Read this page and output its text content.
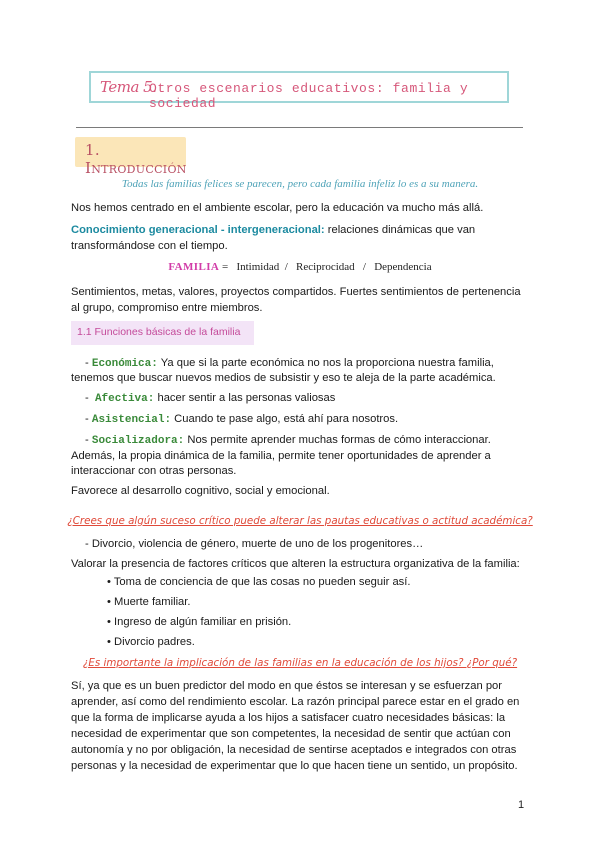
Tema 5.
Otros escenarios educativos: familia y sociedad
1. Introducción
Todas las familias felices se parecen, pero cada familia infeliz lo es a su manera.
Nos hemos centrado en el ambiente escolar, pero la educación va mucho más allá.
Conocimiento generacional - intergeneracional: relaciones dinámicas que van
transformándose con el tiempo.
FAMILIA =   Intimidad  /   Reciprocidad   /   Dependencia
Sentimientos, metas, valores, proyectos compartidos. Fuertes sentimientos de pertenencia
al grupo, compromiso entre miembros.
1.1 Funciones básicas de la familia
- Económica: Ya que si la parte económica no nos la proporciona nuestra familia,
tenemos que buscar nuevos medios de subsistir y eso te aleja de la parte académica.
-  Afectiva: hacer sentir a las personas valiosas
- Asistencial: Cuando te pase algo, está ahí para nosotros.
- Socializadora: Nos permite aprender muchas formas de cómo interaccionar.
Además, la propia dinámica de la familia, permite tener oportunidades de aprender a
interaccionar con otras personas.
Favorece al desarrollo cognitivo, social y emocional.
¿Crees que algún suceso crítico puede alterar las pautas educativas o actitud académica?
- Divorcio, violencia de género, muerte de uno de los progenitores…
Valorar la presencia de factores críticos que alteren la estructura organizativa de la familia:
• Toma de conciencia de que las cosas no pueden seguir así.
• Muerte familiar.
• Ingreso de algún familiar en prisión.
• Divorcio padres.
¿Es importante la implicación de las familias en la educación de los hijos? ¿Por qué?
Sí, ya que es un buen predictor del modo en que éstos se interesan y se esfuerzan por
aprender, así como del rendimiento escolar. La razón principal parece estar en el grado en
que la forma de implicarse ayuda a los hijos a satisfacer cuatro necesidades básicas: la
necesidad de experimentar que son competentes, la necesidad de sentir que actúan con
autonomía y no por obligación, la necesidad de sentirse aceptados e integrados con otras
personas y la necesidad de experimentar que lo que hacen tiene un sentido, un propósito.
1
